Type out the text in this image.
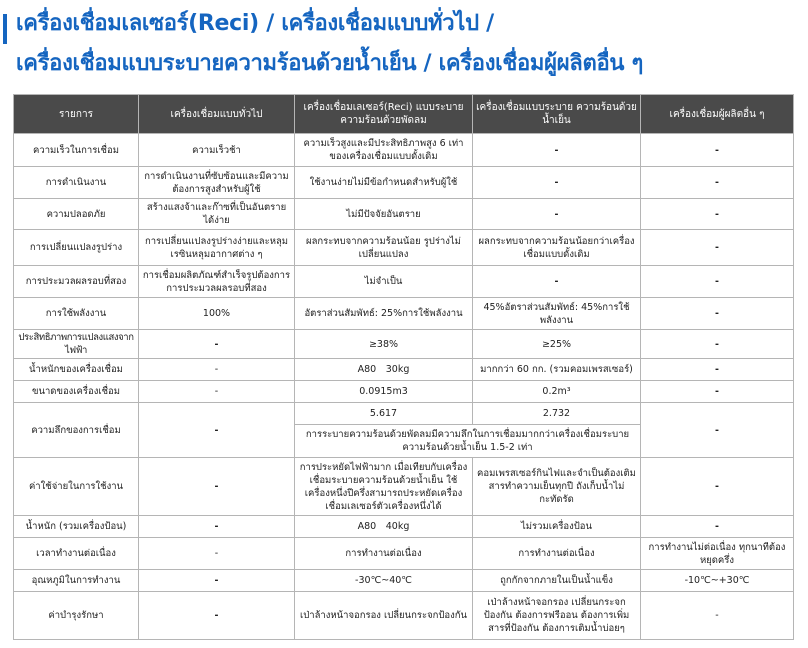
เครื่องเชื่อมเลเซอร์(Reci) / เครื่องเชื่อมแบบทั่วไป /
เครื่องเชื่อมแบบระบายความร้อนด้วยน้ำเย็น / เครื่องเชื่อมผู้ผลิตอื่น ๆ
รายการ	เครื่องเชื่อมแบบทั่วไป	เครื่องเชื่อมเลเซอร์(Reci) แบบระบายความร้อนด้วยพัดลม	เครื่องเชื่อมแบบระบาย ความร้อนด้วยน้ำเย็น	เครื่องเชื่อมผู้ผลิตอื่น ๆ
ความเร็วในการเชื่อม	ความเร็วช้า	ความเร็วสูงและมีประสิทธิภาพสูง 6 เท่าของเครื่องเชื่อมแบบดั้งเดิม	-	-
การดำเนินงาน	การดำเนินงานที่ซับซ้อนและมีความต้องการสูงสำหรับผู้ใช้	ใช้งานง่ายไม่มีข้อกำหนดสำหรับผู้ใช้	-	-
ความปลอดภัย	สร้างแสงจ้าและก๊าซที่เป็นอันตรายได้ง่าย	ไม่มีปัจจัยอันตราย	-	-
การเปลี่ยนแปลงรูปร่าง	การเปลี่ยนแปลงรูปร่างง่ายและหลุมเรซินหลุมอากาศต่าง ๆ	ผลกระทบจากความร้อนน้อย รูปร่างไม่เปลี่ยนแปลง	ผลกระทบจากความร้อนน้อยกว่าเครื่องเชื่อมแบบดั้งเดิม	-
การประมวลผลรอบที่สอง	การเชื่อมผลิตภัณฑ์สำเร็จรูปต้องการการประมวลผลรอบที่สอง	ไม่จำเป็น	-	-
การใช้พลังงาน	100%	อัตราส่วนสัมพัทธ์: 25%การใช้พลังงาน	45%อัตราส่วนสัมพัทธ์: 45%การใช้พลังงาน	-
ประสิทธิภาพการแปลงแสงจากไฟฟ้า	-	≥38%	≥25%	-
น้ำหนักของเครื่องเชื่อม	-	A80　30kg	มากกว่า 60 กก. (รวมคอมเพรสเซอร์)	-
ขนาดของเครื่องเชื่อม	-	0.0915m3	0.2m³	-
ความลึกของการเชื่อม	-	5.617	2.732	-
		การระบายความร้อนด้วยพัดลมมีความลึกในการเชื่อมมากกว่าเครื่องเชื่อมระบายความร้อนด้วยน้ำเย็น 1.5-2 เท่า		
ค่าใช้จ่ายในการใช้งาน	-	การประหยัดไฟฟ้ามาก เมื่อเทียบกับเครื่องเชื่อมระบายความร้อนด้วยน้ำเย็น ใช้เครื่องหนึ่งปีครึ่งสามารถประหยัดเครื่องเชื่อมเลเซอร์ตัวเครื่องหนึ่งได้	คอมเพรสเซอร์กินไฟและจำเป็นต้องเติมสารทำความเย็นทุกปี ถังเก็บน้ำไม่กะทัดรัด	-
น้ำหนัก (รวมเครื่องป้อน)	-	A80　40kg	ไม่รวมเครื่องป้อน	-
เวลาทำงานต่อเนื่อง	-	การทำงานต่อเนื่อง	การทำงานต่อเนื่อง	การทำงานไม่ต่อเนื่อง ทุกนาทีต้องหยุดครึ่ง
อุณหภูมิในการทำงาน	-	-30℃~40℃	ถูกกักจากภายในเป็นน้ำแข็ง	-10℃~+30℃
ค่าบำรุงรักษา	-	เป่าล้างหน้าจอกรอง เปลี่ยนกระจกป้องกัน	เป่าล้างหน้าจอกรอง เปลี่ยนกระจกป้องกัน ต้องการฟรีออน ต้องการเพิ่มสารที่ป้องกัน ต้องการเติมน้ำบ่อยๆ	-
